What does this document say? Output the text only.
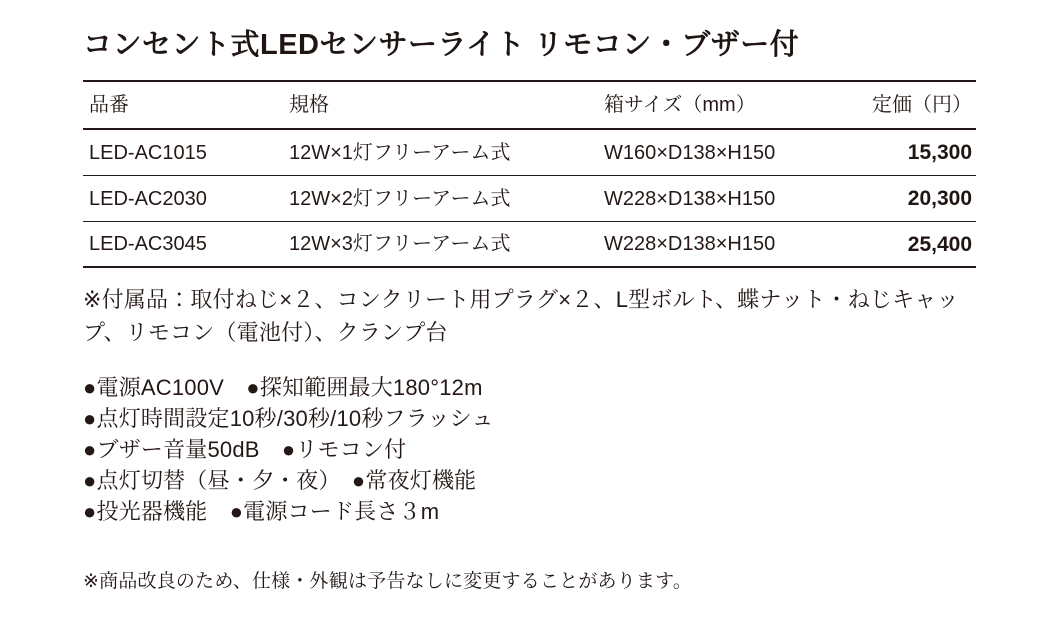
コンセント式LEDセンサーライト リモコン・ブザー付
品番	規格	箱サイズ（mm）	定価（円）
LED-AC1015	12W×1灯フリーアーム式	W160×D138×H150	15,300
LED-AC2030	12W×2灯フリーアーム式	W228×D138×H150	20,300
LED-AC3045	12W×3灯フリーアーム式	W228×D138×H150	25,400
※付属品：取付ねじ×２、コンクリート用プラグ×２、L型ボルト、蝶ナット・ねじキャッ
プ、リモコン（電池付）、クランプ台
●電源AC100V　●探知範囲最大180°12m
●点灯時間設定10秒/30秒/10秒フラッシュ
●ブザー音量50dB　●リモコン付
●点灯切替（昼・夕・夜）　●常夜灯機能
●投光器機能　●電源コード長さ３m

※商品改良のため、仕様・外観は予告なしに変更することがあります。
